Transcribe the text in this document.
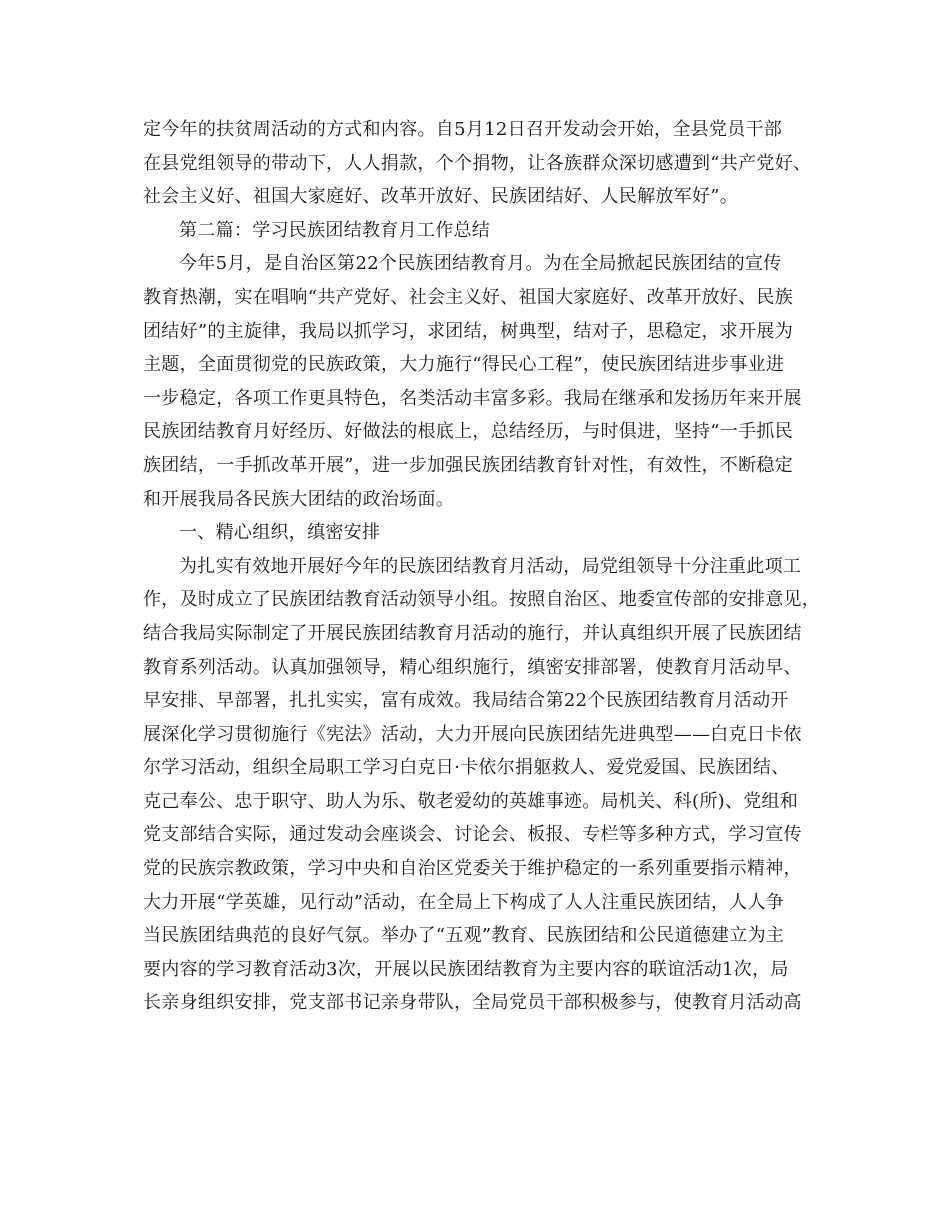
定今年的扶贫周活动的方式和内容。自5月12日召开发动会开始，全县党员干部
在县党组领导的带动下，人人捐款，个个捐物，让各族群众深切感遭到“共产党好、
社会主义好、祖国大家庭好、改革开放好、民族团结好、人民解放军好”。
第二篇：学习民族团结教育月工作总结
今年5月，是自治区第22个民族团结教育月。为在全局掀起民族团结的宣传
教育热潮，实在唱响“共产党好、社会主义好、祖国大家庭好、改革开放好、民族
团结好”的主旋律，我局以抓学习，求团结，树典型，结对子，思稳定，求开展为
主题，全面贯彻党的民族政策，大力施行“得民心工程”，使民族团结进步事业进
一步稳定，各项工作更具特色，名类活动丰富多彩。我局在继承和发扬历年来开展
民族团结教育月好经历、好做法的根底上，总结经历，与时俱进，坚持“一手抓民
族团结，一手抓改革开展”，进一步加强民族团结教育针对性，有效性，不断稳定
和开展我局各民族大团结的政治场面。
一、精心组织，缜密安排
为扎实有效地开展好今年的民族团结教育月活动，局党组领导十分注重此项工
作，及时成立了民族团结教育活动领导小组。按照自治区、地委宣传部的安排意见，
结合我局实际制定了开展民族团结教育月活动的施行，并认真组织开展了民族团结
教育系列活动。认真加强领导，精心组织施行，缜密安排部署，使教育月活动早、
早安排、早部署，扎扎实实，富有成效。我局结合第22个民族团结教育月活动开
展深化学习贯彻施行《宪法》活动，大力开展向民族团结先进典型——白克日卡依
尔学习活动，组织全局职工学习白克日·卡依尔捐躯救人、爱党爱国、民族团结、
克己奉公、忠于职守、助人为乐、敬老爱幼的英雄事迹。局机关、科(所)、党组和
党支部结合实际，通过发动会座谈会、讨论会、板报、专栏等多种方式，学习宣传
党的民族宗教政策，学习中央和自治区党委关于维护稳定的一系列重要指示精神，
大力开展“学英雄，见行动”活动，在全局上下构成了人人注重民族团结，人人争
当民族团结典范的良好气氛。举办了“五观”教育、民族团结和公民道德建立为主
要内容的学习教育活动3次，开展以民族团结教育为主要内容的联谊活动1次，局
长亲身组织安排，党支部书记亲身带队，全局党员干部积极参与，使教育月活动高
